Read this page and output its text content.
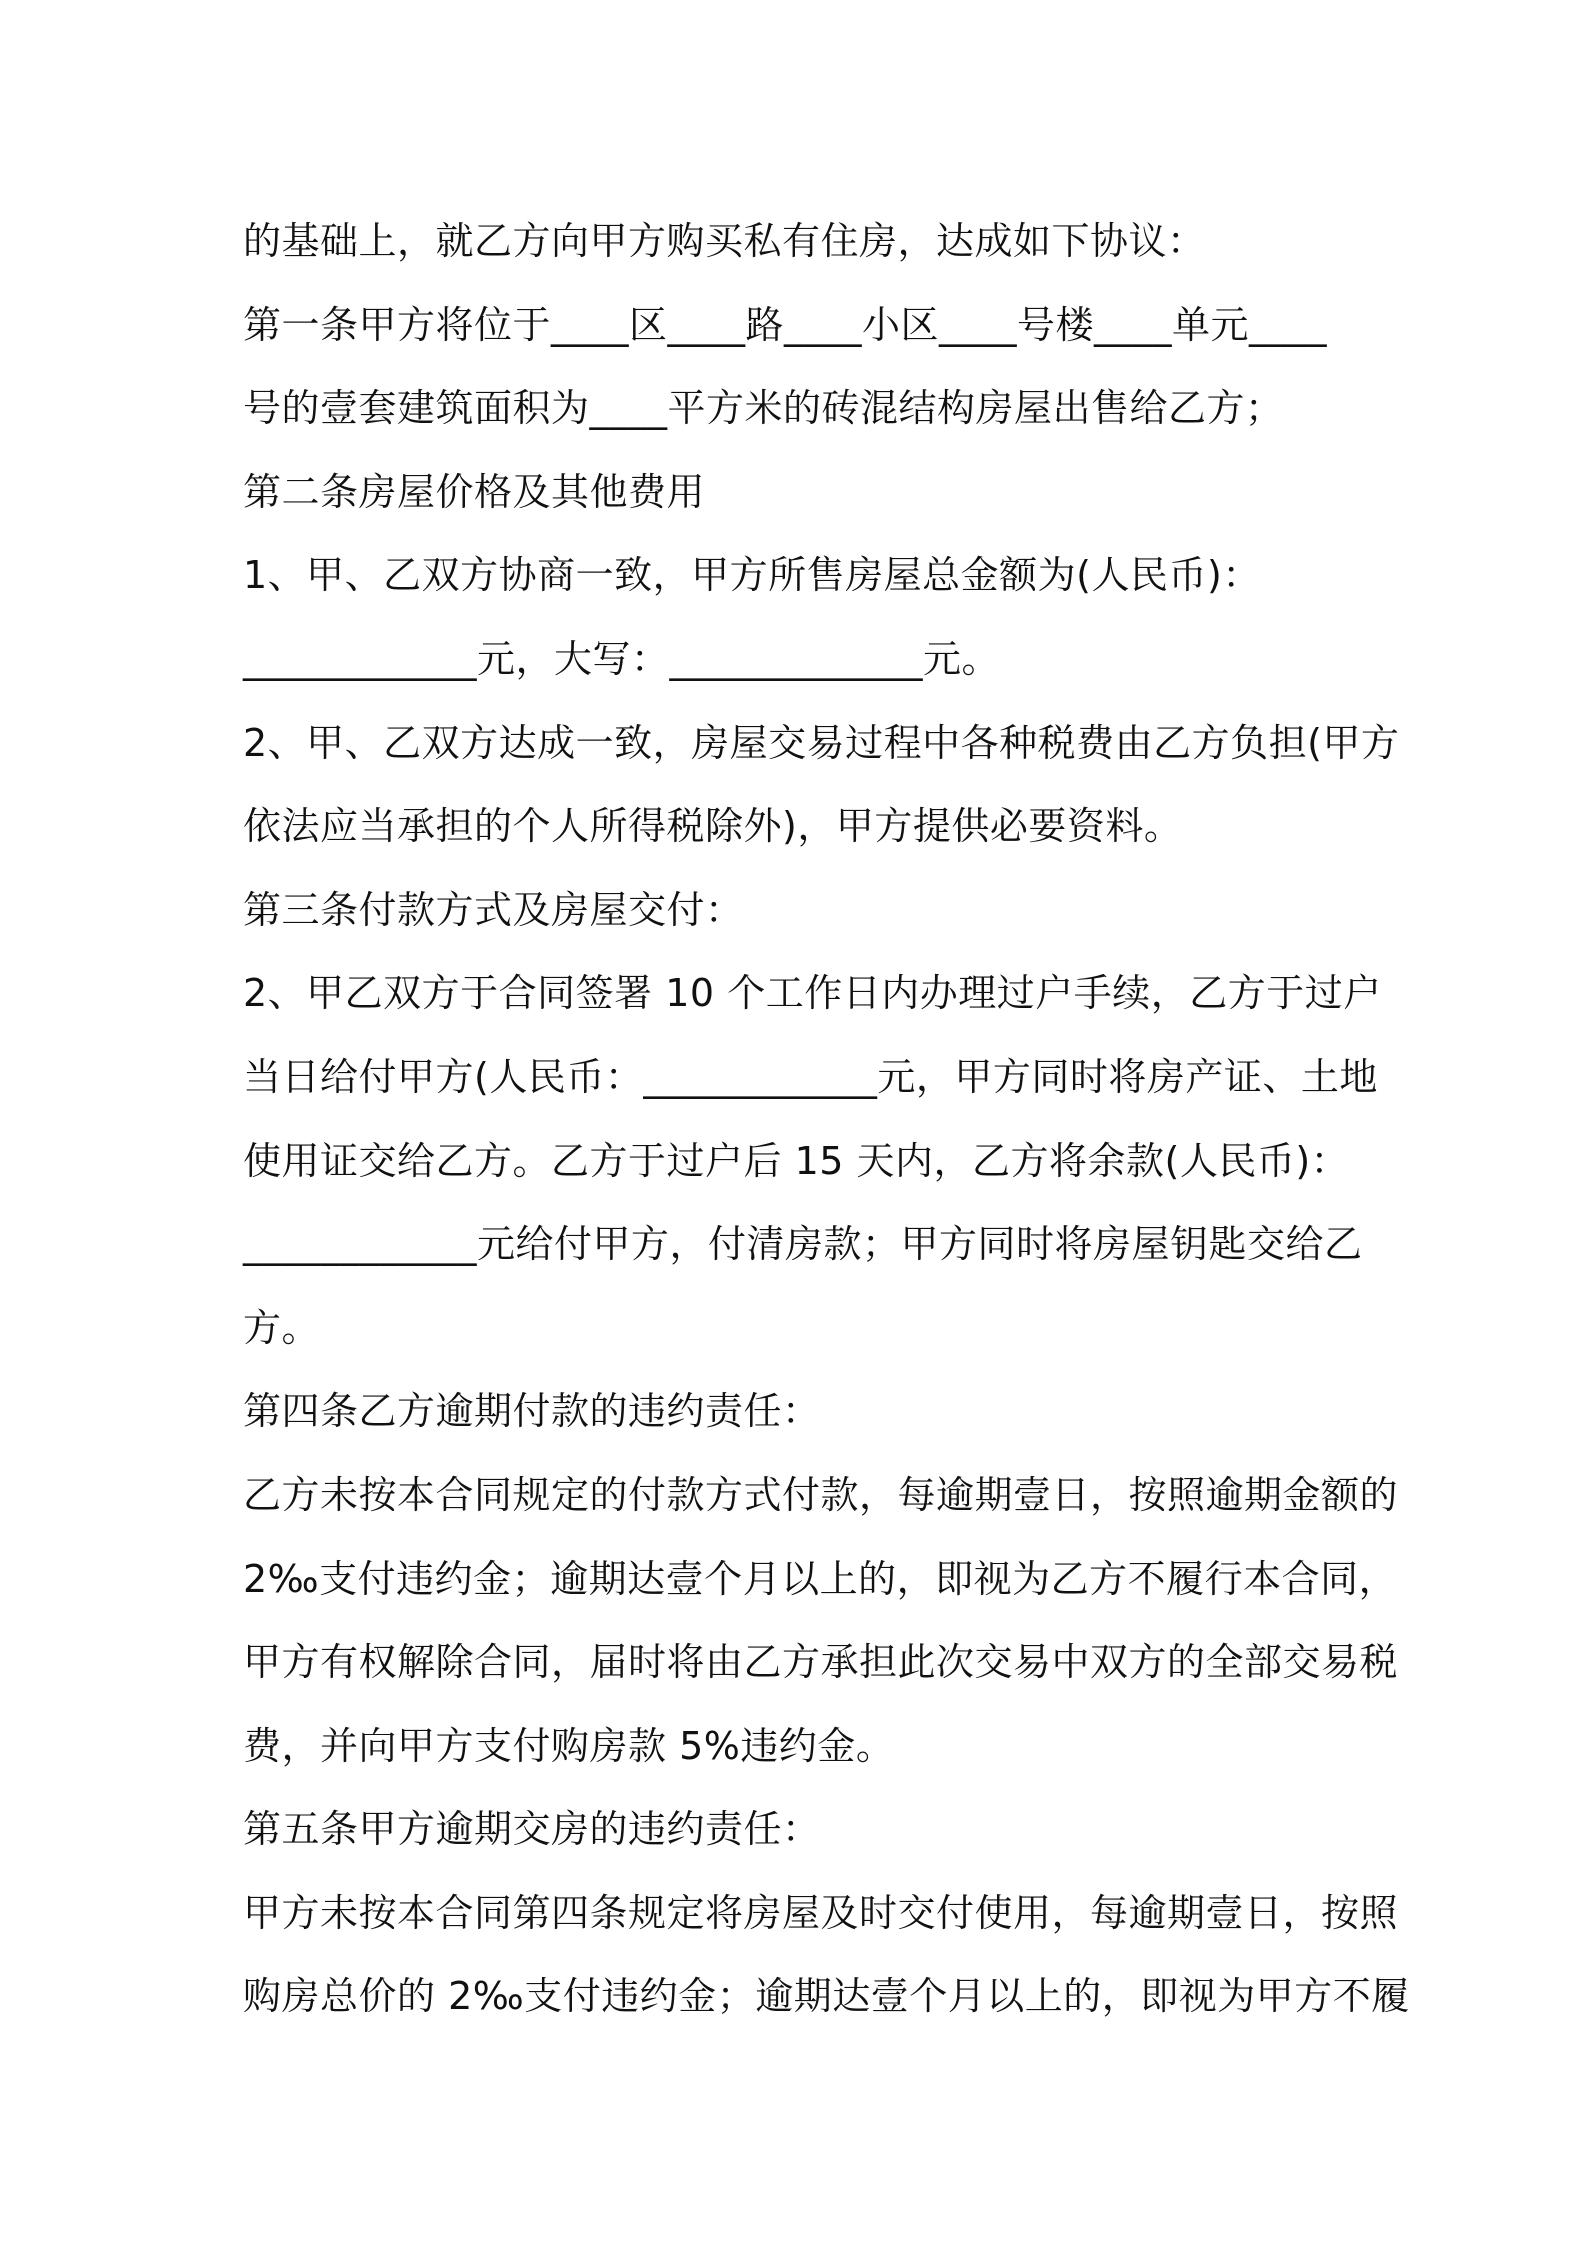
的基础上，就乙方向甲方购买私有住房，达成如下协议：

第一条甲方将位于____区____路____小区____号楼____单元____

号的壹套建筑面积为____平方米的砖混结构房屋出售给乙方；

第二条房屋价格及其他费用

1、甲、乙双方协商一致，甲方所售房屋总金额为(人民币)：

____________元，大写：_____________元。

2、甲、乙双方达成一致，房屋交易过程中各种税费由乙方负担(甲方

依法应当承担的个人所得税除外)，甲方提供必要资料。

第三条付款方式及房屋交付：

2、甲乙双方于合同签署 10 个工作日内办理过户手续，乙方于过户

当日给付甲方(人民币：____________元，甲方同时将房产证、土地

使用证交给乙方。乙方于过户后 15 天内，乙方将余款(人民币)：

____________元给付甲方，付清房款；甲方同时将房屋钥匙交给乙

方。

第四条乙方逾期付款的违约责任：

乙方未按本合同规定的付款方式付款，每逾期壹日，按照逾期金额的

2‰支付违约金；逾期达壹个月以上的，即视为乙方不履行本合同，

甲方有权解除合同，届时将由乙方承担此次交易中双方的全部交易税

费，并向甲方支付购房款 5%违约金。

第五条甲方逾期交房的违约责任：

甲方未按本合同第四条规定将房屋及时交付使用，每逾期壹日，按照

购房总价的 2‰支付违约金；逾期达壹个月以上的，即视为甲方不履
